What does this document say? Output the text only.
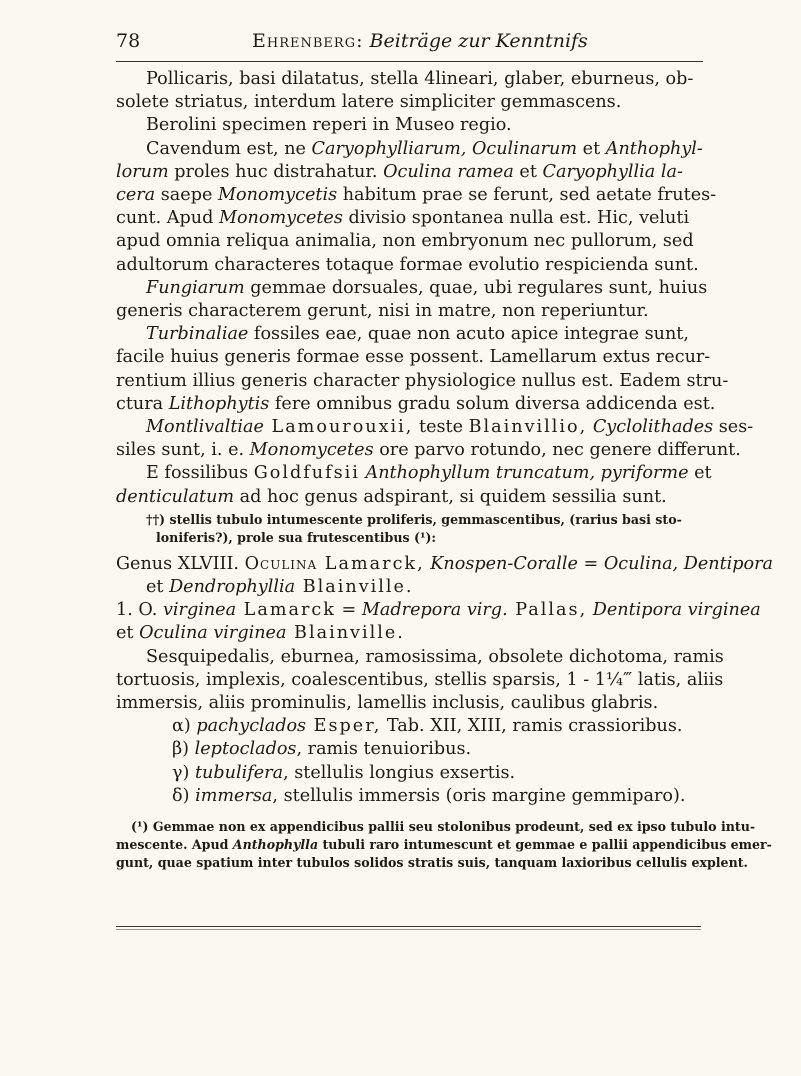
78	Ehrenberg: Beiträge zur Kenntnifs
Pollicaris, basi dilatatus, stella 4lineari, glaber, eburneus, ob-
solete striatus, interdum latere simpliciter gemmascens.
Berolini specimen reperi in Museo regio.
Cavendum est, ne Caryophylliarum, Oculinarum et Anthophyl-
lorum proles huc distrahatur. Oculina ramea et Caryophyllia la-
cera saepe Monomycetis habitum prae se ferunt, sed aetate frutes-
cunt. Apud Monomycetes divisio spontanea nulla est. Hic, veluti
apud omnia reliqua animalia, non embryonum nec pullorum, sed
adultorum characteres totaque formae evolutio respicienda sunt.
Fungiarum gemmae dorsuales, quae, ubi regulares sunt, huius
generis characterem gerunt, nisi in matre, non reperiuntur.
Turbinaliae fossiles eae, quae non acuto apice integrae sunt,
facile huius generis formae esse possent. Lamellarum extus recur-
rentium illius generis character physiologice nullus est. Eadem stru-
ctura Lithophytis fere omnibus gradu solum diversa addicenda est.
Montlivaltiae Lamourouxii, teste Blainvillio, Cyclolithades ses-
siles sunt, i. e. Monomycetes ore parvo rotundo, nec genere differunt.
E fossilibus Goldfufsii Anthophyllum truncatum, pyriforme et
denticulatum ad hoc genus adspirant, si quidem sessilia sunt.
††) stellis tubulo intumescente proliferis, gemmascentibus, (rarius basi sto-
loniferis?), prole sua frutescentibus (¹):
Genus XLVIII. Oculina Lamarck, Knospen-Coralle = Oculina, Dentipora
et Dendrophyllia Blainville.
1. O. virginea Lamarck = Madrepora virg. Pallas, Dentipora virginea
et Oculina virginea Blainville.
Sesquipedalis, eburnea, ramosissima, obsolete dichotoma, ramis
tortuosis, implexis, coalescentibus, stellis sparsis, 1 - 1¼‴ latis, aliis
immersis, aliis prominulis, lamellis inclusis, caulibus glabris.
α) pachyclados Esper, Tab. XII, XIII, ramis crassioribus.
β) leptoclados, ramis tenuioribus.
γ) tubulifera, stellulis longius exsertis.
δ) immersa, stellulis immersis (oris margine gemmiparo).
(¹) Gemmae non ex appendicibus pallii seu stolonibus prodeunt, sed ex ipso tubulo intu-
mescente. Apud Anthophylla tubuli raro intumescunt et gemmae e pallii appendicibus emer-
gunt, quae spatium inter tubulos solidos stratis suis, tanquam laxioribus cellulis explent.
